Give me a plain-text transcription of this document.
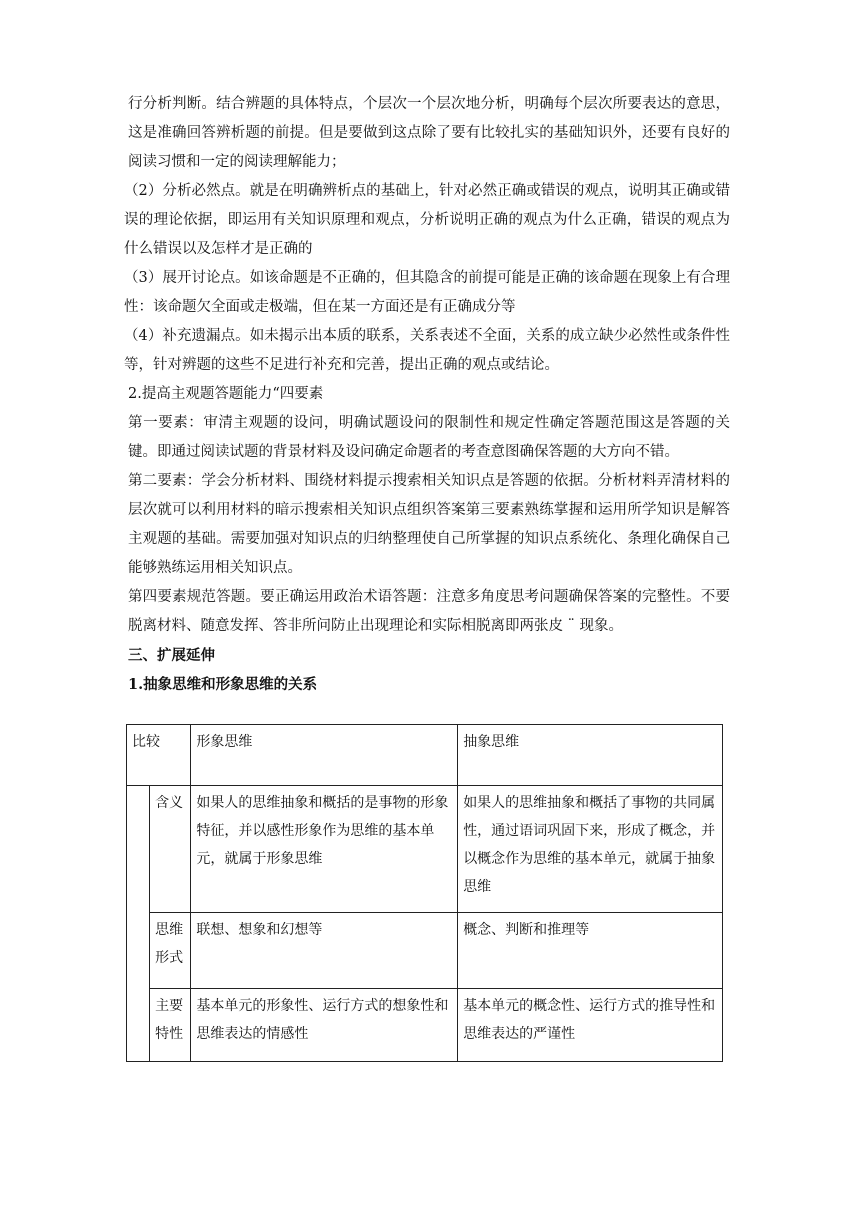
行分析判断。结合辨题的具体特点，个层次一个层次地分析，明确每个层次所要表达的意思，这是准确回答辨析题的前提。但是要做到这点除了要有比较扎实的基础知识外，还要有良好的阅读习惯和一定的阅读理解能力；

（2）分析必然点。就是在明确辨析点的基础上，针对必然正确或错误的观点，说明其正确或错误的理论依据，即运用有关知识原理和观点，分析说明正确的观点为什么正确，错误的观点为什么错误以及怎样才是正确的

（3）展开讨论点。如该命题是不正确的，但其隐含的前提可能是正确的该命题在现象上有合理性：该命题欠全面或走极端，但在某一方面还是有正确成分等

（4）补充遗漏点。如未揭示出本质的联系，关系表述不全面，关系的成立缺少必然性或条件性等，针对辨题的这些不足进行补充和完善，提出正确的观点或结论。

2.提高主观题答题能力“四要素

第一要素：审清主观题的设问，明确试题设问的限制性和规定性确定答题范围这是答题的关键。即通过阅读试题的背景材料及设问确定命题者的考查意图确保答题的大方向不错。

第二要素：学会分析材料、围绕材料提示搜索相关知识点是答题的依据。分析材料弄清材料的层次就可以利用材料的暗示搜索相关知识点组织答案第三要素熟练掌握和运用所学知识是解答主观题的基础。需要加强对知识点的归纳整理使自己所掌握的知识点系统化、条理化确保自己能够熟练运用相关知识点。

第四要素规范答题。要正确运用政治术语答题：注意多角度思考问题确保答案的完整性。不要脱离材料、随意发挥、答非所问防止出现理论和实际相脱离即两张皮 ¨ 现象。

三、扩展延伸

1.抽象思维和形象思维的关系

比较		形象思维	抽象思维
	含义	如果人的思维抽象和概括的是事物的形象特征，并以感性形象作为思维的基本单元，就属于形象思维	如果人的思维抽象和概括了事物的共同属性，通过语词巩固下来，形成了概念，并以概念作为思维的基本单元，就属于抽象思维
	思维形式	联想、想象和幻想等	概念、判断和推理等
	主要特性	基本单元的形象性、运行方式的想象性和思维表达的情感性	基本单元的概念性、运行方式的推导性和思维表达的严谨性
